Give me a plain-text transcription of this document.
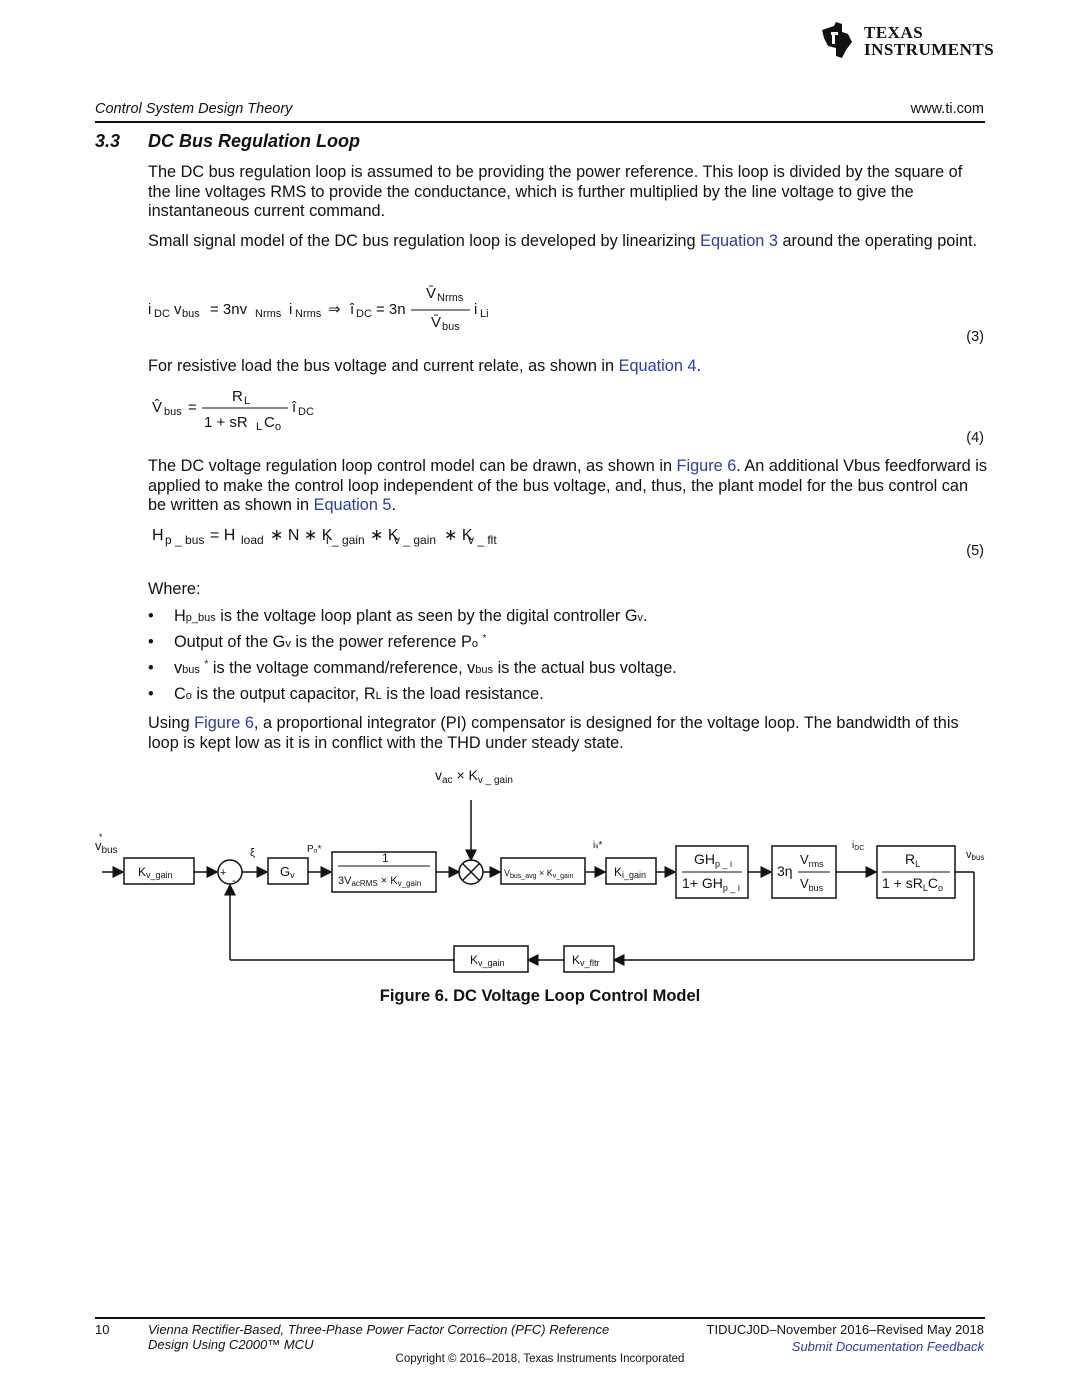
TEXAS
INSTRUMENTS
Control System Design Theory	www.ti.com
3.3 DC Bus Regulation Loop
The DC bus regulation loop is assumed to be providing the power reference. This loop is divided by the square of the line voltages RMS to provide the conductance, which is further multiplied by the line voltage to give the instantaneous current command.
Small signal model of the DC bus regulation loop is developed by linearizing Equation 3 around the operating point.
i DC v bus = 3nv Nrms i Nrms ⇒ î DC = 3n
V̄ Nrms
V̄ bus
i Li
(3)
For resistive load the bus voltage and current relate, as shown in Equation 4.
V̂ bus =
R L
1 + sR L C o
î DC
(4)
The DC voltage regulation loop control model can be drawn, as shown in Figure 6. An additional Vbus feedforward is applied to make the control loop independent of the bus voltage, and, thus, the plant model for the bus control can be written as shown in Equation 5.
H p _ bus = H load ∗ N ∗ K
i _ gain ∗ K
v _ gain ∗ K
v _ flt
(5)
Where:
• Hp_bus is the voltage loop plant as seen by the digital controller Gv.
• Output of the Gv is the power reference Po *
• vbus * is the voltage command/reference, vbus is the actual bus voltage.
• Co is the output capacitor, RL is the load resistance.
Using Figure 6, a proportional integrator (PI) compensator is designed for the voltage loop. The bandwidth of this loop is kept low as it is in conflict with the THD under steady state.
$v_{ac} \times K_{v \_ gain}$
$v_{bus}$
*
Kv_gain	+
-
ξ	Pₒ*
Gv
1
3VacRMS × Kv_gain
$V_{bus\_avg} \times K_{v\_gain}$
iₗᵢ*
Ki_gain
$GH_{p \_ i}$
$1+ GH_{p \_ i}$
3η
$V_{rms}$
$V_{bus}$
$i_{DC}$
$R_L$
$1 + sR_LC_o$
vbus
Kv_gain	Kv_fltr
Figure 6. DC Voltage Loop Control Model
10	Vienna Rectifier-Based, Three-Phase Power Factor Correction (PFC) Reference Design Using C2000™ MCU
TIDUCJ0D–November 2016–Revised May 2018
Submit Documentation Feedback
Copyright © 2016–2018, Texas Instruments Incorporated
